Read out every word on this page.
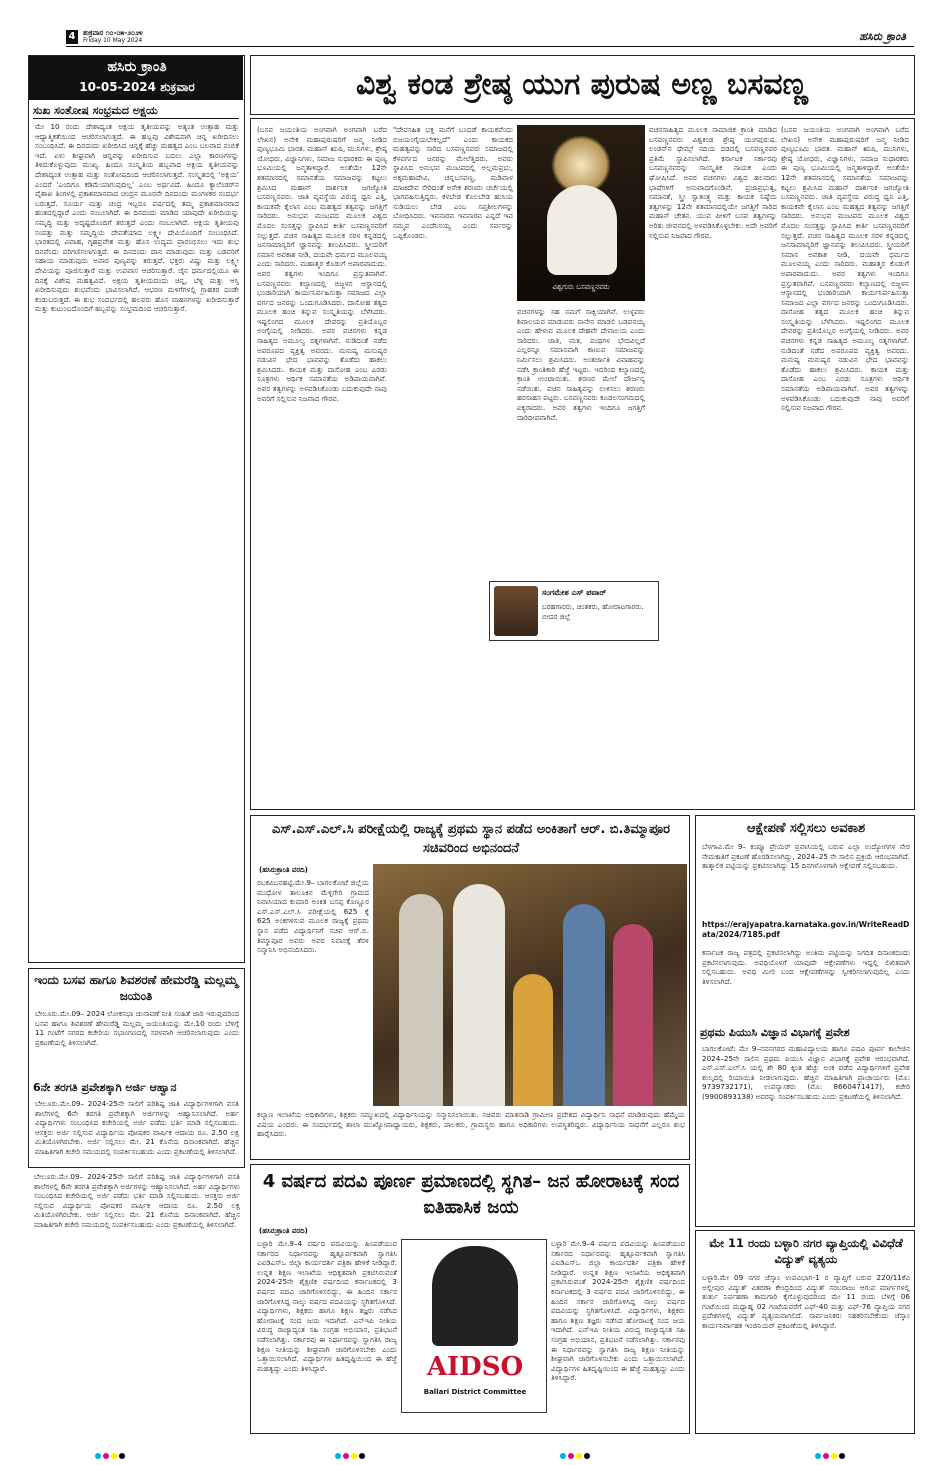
4	ಶುಕ್ರವಾರ ೧೦-೦೫-೨೦೨೪
Friday 10 May 2024	ಹಸಿರು ಕ್ರಾಂತಿ
ಹಸಿರು ಕ್ರಾಂತಿ
10-05-2024 ಶುಕ್ರವಾರ
ಸುಖ ಸಂತೋಷ ಸಂಭ್ರಮದ ಅಕ್ಷಯ
ಮೇ 10 ರಂದು ದೇಶಾದ್ಯಂತ ಅಕ್ಷಯ ತೃತೀಯವನ್ನು ಅತ್ಯಂತ ಉತ್ಸಾಹ ಮತ್ತು ಆಧ್ಯಾತ್ಮಿಕತೆಯಿಂದ ಆಚರಿಸಲಾಗುತ್ತದೆ. ಈ ಹಬ್ಬವು ವಿಶೇಷವಾಗಿ ಚಿನ್ನ ಖರೀದಿಸಲು ಸಂಬಂಧಿಸಿದೆ. ಈ ದಿನದಂದು ಖರೀದಿಸಿದ ಚಿನ್ನಕ್ಕೆ ಹೆಚ್ಚು ಮಹತ್ವದ ಎಂಬ ಬಲವಾದ ನಂಬಿಕೆ ಇದೆ. ಏಳು ಶೀಘ್ರವಾಗಿ ಚಿನ್ನವನ್ನು ಖರೀದಿಸುವ ಬದಲು ಎಲ್ಲಾ ಕಾರಣಗಳನ್ನು ತಿಳಿದುಕೊಳ್ಳುವುದು ಮುಖ್ಯ. ಹಿಂದೂ ಸಂಸ್ಕೃತಿಯ ಹಬ್ಬವಾದ ಅಕ್ಷಯ ತೃತೀಯವನ್ನು ದೇಶಾದ್ಯಂತ ಉತ್ಸಾಹ ಮತ್ತು ಸಂತೋಷದಿಂದ ಆಚರಿಸಲಾಗುತ್ತದೆ. ಸಂಸ್ಕೃತದಲ್ಲಿ 'ಅಕ್ಷಯ' ಎಂದರೆ 'ಎಂದಿಗೂ ಕಡಿಮೆಯಾಗುವುದಿಲ್ಲ' ಎಂಬ ಅರ್ಥವಿದೆ. ಹಿಂದೂ ಕ್ಯಾಲೆಂಡರ್‌ನ ವೈಶಾಖ ತಿಂಗಳಲ್ಲಿ ಪ್ರಕಾಶಮಾನವಾದ ಚಂದ್ರನ ಮೂರನೇ ದಿನದಂದು ಮಂಗಳಕರ ಸಂದರ್ಭ ಬರುತ್ತದೆ. ಸೂರ್ಯ ಮತ್ತು ಚಂದ್ರ ಇಬ್ಬರೂ ವರ್ಷದಲ್ಲಿ ತಮ್ಮ ಪ್ರಕಾಶಮಾನವಾದ ಹಂತದಲ್ಲಿದ್ದಾರೆ ಎಂದು ನಂಬಲಾಗಿದೆ. ಈ ದಿನದಂದು ಮಾಡಿದ ಯಾವುದೇ ಖರೀದಿಯನ್ನು ಸಮೃದ್ಧಿ ಮತ್ತು ಅದೃಷ್ಟದೊಂದಿಗೆ ತರುತ್ತದೆ ಎಂದು ನಂಬಲಾಗಿದೆ. ಅಕ್ಷಯ ತೃತೀಯವು ಸಂಪತ್ತು ಮತ್ತು ಸಮೃದ್ಧಿಯ ದೇವತೆಯಾದ ಲಕ್ಷ್ಮೀ ದೇವಿಯೊಂದಿಗೆ ಸಂಬಂಧಿಸಿದೆ. ಭಾರತದಲ್ಲಿ ವಿವಾಹ, ಗೃಹಪ್ರವೇಶ ಮತ್ತು ಹೊಸ ಉದ್ಯಮ ಪ್ರಾರಂಭಿಸಲು ಇದು ಶುಭ ದಿನವೆಂದು ಪರಿಗಣಿಸಲಾಗುತ್ತದೆ. ಈ ದಿನದಂದು ದಾನ ಮಾಡುವುದು ಮತ್ತು ಬಡವರಿಗೆ ಸಹಾಯ ಮಾಡುವುದು ಅಪಾರ ಪುಣ್ಯವನ್ನು ತರುತ್ತದೆ. ಭಕ್ತರು ವಿಷ್ಣು ಮತ್ತು ಲಕ್ಷ್ಮೀ ದೇವಿಯನ್ನು ಪೂಜಿಸುತ್ತಾರೆ ಮತ್ತು ಉಪವಾಸ ಆಚರಿಸುತ್ತಾರೆ. ಜೈನ ಧರ್ಮದಲ್ಲಿಯೂ ಈ ದಿನಕ್ಕೆ ವಿಶೇಷ ಮಹತ್ವವಿದೆ. ಅಕ್ಷಯ ತೃತೀಯದಂದು ಚಿನ್ನ, ಬೆಳ್ಳಿ ಮತ್ತು ಆಸ್ತಿ ಖರೀದಿಸುವುದು ಶುಭವೆಂದು ಭಾವಿಸಲಾಗಿದೆ. ಆಭರಣ ಮಳಿಗೆಗಳಲ್ಲಿ ಗ್ರಾಹಕರ ದಂಡೇ ಕಂಡುಬರುತ್ತದೆ. ಈ ಶುಭ ಸಂದರ್ಭದಲ್ಲಿ ಹಲವರು ಹೊಸ ವಾಹನಗಳನ್ನು ಖರೀದಿಸುತ್ತಾರೆ ಮತ್ತು ಕುಟುಂಬದೊಂದಿಗೆ ಹಬ್ಬವನ್ನು ಸಂಭ್ರಮದಿಂದ ಆಚರಿಸುತ್ತಾರೆ.
ಇಂದು ಬಸವ ಹಾಗೂ ಶಿವಶರಣೆ ಹೇಮರೆಡ್ಡಿ ಮಲ್ಲಮ್ಮ ಜಯಂತಿ
ಬೇಲೂರು.ಮೇ.09– 2024 ಲೋಕಸಭಾ ಚುನಾವಣೆ ನೀತಿ ಸಂಹಿತೆ ಜಾರಿ ಇರುವುದರಿಂದ ಬಸವ ಹಾಗೂ ಶಿವಶರಣೆ ಹೇಮರೆಡ್ಡಿ ಮಲ್ಲಮ್ಮ ಜಯಂತಿಯನ್ನು ಮೇ.10 ರಂದು ಬೆಳಿಗ್ಗೆ 11 ಗಂಟೆಗೆ ನಗರದ ಕಚೇರಿಯ ಸಭಾಂಗಣದಲ್ಲಿ ಸರಳವಾಗಿ ಆಚರಿಸಲಾಗುವುದು ಎಂದು ಪ್ರಕಟಣೆಯಲ್ಲಿ ತಿಳಿಸಲಾಗಿದೆ.
6ನೇ ತರಗತಿ ಪ್ರವೇಶಕ್ಕಾಗಿ ಅರ್ಜಿ ಆಹ್ವಾನ
ಬೇಲೂರು.ಮೇ.09– 2024-25ನೇ ಸಾಲಿಗೆ ಪರಿಶಿಷ್ಟ ಜಾತಿ ವಿದ್ಯಾರ್ಥಿಗಳಿಗಾಗಿ ವಸತಿ ಶಾಲೆಗಳಲ್ಲಿ 6ನೇ ತರಗತಿ ಪ್ರವೇಶಕ್ಕಾಗಿ ಅರ್ಜಿಗಳನ್ನು ಆಹ್ವಾನಿಸಲಾಗಿದೆ. ಅರ್ಹ ವಿದ್ಯಾರ್ಥಿಗಳು ಸಂಬಂಧಿಸಿದ ಕಚೇರಿಯಲ್ಲಿ ಅರ್ಜಿ ಪಡೆದು ಭರ್ತಿ ಮಾಡಿ ಸಲ್ಲಿಸಬಹುದು. ಆಸಕ್ತರು ಅರ್ಜಿ ಸಲ್ಲಿಸುವ ವಿದ್ಯಾರ್ಥಿಯ ಪೋಷಕರ ವಾರ್ಷಿಕ ಆದಾಯ ರೂ. 2.50 ಲಕ್ಷ ಮಿತಿಯೊಳಗಿರಬೇಕು. ಅರ್ಜಿ ಸಲ್ಲಿಸಲು ಮೇ. 21 ಕೊನೆಯ ದಿನಾಂಕವಾಗಿದೆ. ಹೆಚ್ಚಿನ ಮಾಹಿತಿಗಾಗಿ ಕಚೇರಿ ಸಮಯದಲ್ಲಿ ಸಂಪರ್ಕಿಸಬಹುದು ಎಂದು ಪ್ರಕಟಣೆಯಲ್ಲಿ ತಿಳಿಸಲಾಗಿದೆ.
ಬೇಲೂರು.ಮೇ.09– 2024-25ನೇ ಸಾಲಿಗೆ ಪರಿಶಿಷ್ಟ ಜಾತಿ ವಿದ್ಯಾರ್ಥಿಗಳಿಗಾಗಿ ವಸತಿ ಶಾಲೆಗಳಲ್ಲಿ 6ನೇ ತರಗತಿ ಪ್ರವೇಶಕ್ಕಾಗಿ ಅರ್ಜಿಗಳನ್ನು ಆಹ್ವಾನಿಸಲಾಗಿದೆ. ಅರ್ಹ ವಿದ್ಯಾರ್ಥಿಗಳು ಸಂಬಂಧಿಸಿದ ಕಚೇರಿಯಲ್ಲಿ ಅರ್ಜಿ ಪಡೆದು ಭರ್ತಿ ಮಾಡಿ ಸಲ್ಲಿಸಬಹುದು. ಆಸಕ್ತರು ಅರ್ಜಿ ಸಲ್ಲಿಸುವ ವಿದ್ಯಾರ್ಥಿಯ ಪೋಷಕರ ವಾರ್ಷಿಕ ಆದಾಯ ರೂ. 2.50 ಲಕ್ಷ ಮಿತಿಯೊಳಗಿರಬೇಕು. ಅರ್ಜಿ ಸಲ್ಲಿಸಲು ಮೇ. 21 ಕೊನೆಯ ದಿನಾಂಕವಾಗಿದೆ. ಹೆಚ್ಚಿನ ಮಾಹಿತಿಗಾಗಿ ಕಚೇರಿ ಸಮಯದಲ್ಲಿ ಸಂಪರ್ಕಿಸಬಹುದು ಎಂದು ಪ್ರಕಟಣೆಯಲ್ಲಿ ತಿಳಿಸಲಾಗಿದೆ.
ವಿಶ್ವ ಕಂಡ ಶ್ರೇಷ್ಠ ಯುಗ ಪುರುಷ ಅಣ್ಣ ಬಸವಣ್ಣ
(ಬಸವ ಜಯಂತಿಯ ಅಂಗವಾಗಿ ಅಂಗವಾಗಿ ಬರೆದ ಲೇಖನ) ಅನೇಕ ಮಹಾಪುರುಷರಿಗೆ ಜನ್ಮ ನೀಡಿದ ಪುಣ್ಯಭೂಮಿ ಭಾರತ. ಮಹಾನ್ ಋಷಿ, ಮುನಿಗಳು, ಶ್ರೇಷ್ಠ ಯೋಧರು, ವಿಜ್ಞಾನಿಗಳು, ಸಮಾಜ ಸುಧಾರಕರು ಈ ಪುಣ್ಯ ಭೂಮಿಯಲ್ಲಿ ಜನ್ಮತಾಳಿದ್ದಾರೆ. ಅಂತೆಯೇ 12ನೇ ಶತಮಾನದಲ್ಲಿ ಸಮಾನತೆಯ ಸಮಾಜವನ್ನು ಕಟ್ಟಲು ಶ್ರಮಿಸಿದ ಮಹಾನ್ ದಾರ್ಶನಿಕ ಜಗಜ್ಯೋತಿ ಬಸವಣ್ಣನವರು. ಜಾತಿ ವ್ಯವಸ್ಥೆಯ ವಿರುದ್ಧ ಧ್ವನಿ ಎತ್ತಿ, ಕಾಯಕವೇ ಕೈಲಾಸ ಎಂಬ ಮಹತ್ವದ ತತ್ವವನ್ನು ಜಗತ್ತಿಗೆ ಸಾರಿದರು. ಅನುಭವ ಮಂಟಪದ ಮೂಲಕ ವಿಶ್ವದ ಮೊದಲ ಸಂಸತ್ತನ್ನು ಸ್ಥಾಪಿಸಿದ ಕೀರ್ತಿ ಬಸವಣ್ಣನವರಿಗೆ ಸಲ್ಲುತ್ತದೆ. ವಚನ ಸಾಹಿತ್ಯದ ಮೂಲಕ ಸರಳ ಕನ್ನಡದಲ್ಲಿ ಜನಸಾಮಾನ್ಯರಿಗೆ ಜ್ಞಾನವನ್ನು ತಲುಪಿಸಿದರು. ಸ್ತ್ರೀಯರಿಗೆ ಸಮಾನ ಅವಕಾಶ ನೀಡಿ, ದಯವೇ ಧರ್ಮದ ಮೂಲವಯ್ಯ ಎಂದು ಸಾರಿದರು. ಮಹಾತ್ಮರ ಕೊಡುಗೆ ಅಪಾರವಾದುದು. ಅವರ ತತ್ವಗಳು ಇಂದಿಗೂ ಪ್ರಸ್ತುತವಾಗಿವೆ. ಬಸವಣ್ಣನವರು ಕಲ್ಯಾಣದಲ್ಲಿ ಬಿಜ್ಜಳನ ಆಸ್ಥಾನದಲ್ಲಿ ಭಂಡಾರಿಯಾಗಿ ಕಾರ್ಯನಿರ್ವಹಿಸುತ್ತಾ ಸಮಾಜದ ಎಲ್ಲಾ ವರ್ಗದ ಜನರನ್ನು ಒಂದುಗೂಡಿಸಿದರು. ದಾಸೋಹ ತತ್ವದ ಮೂಲಕ ಹಂಚಿ ತಿನ್ನುವ ಸಂಸ್ಕೃತಿಯನ್ನು ಬೆಳೆಸಿದರು. ಇಷ್ಟಲಿಂಗದ ಮೂಲಕ ದೇವರನ್ನು ಪ್ರತಿಯೊಬ್ಬರ ಅಂಗೈಯಲ್ಲಿ ನೀಡಿದರು. ಅವರ ವಚನಗಳು ಕನ್ನಡ ಸಾಹಿತ್ಯದ ಅಮೂಲ್ಯ ರತ್ನಗಳಾಗಿವೆ. ನುಡಿದಂತೆ ನಡೆದ ಅಪರೂಪದ ವ್ಯಕ್ತಿತ್ವ ಅವರದು. ಮನುಷ್ಯ ಮನುಷ್ಯರ ನಡುವಿನ ಭೇದ ಭಾವವನ್ನು ತೊಡೆದು ಹಾಕಲು ಶ್ರಮಿಸಿದರು. ಕಾಯಕ ಮತ್ತು ದಾಸೋಹ ಎಂಬ ಎರಡು ಸೂತ್ರಗಳು ಆರ್ಥಿಕ ಸಮಾನತೆಯ ಅಡಿಪಾಯವಾಗಿವೆ. ಅವರ ತತ್ವಗಳನ್ನು ಅಳವಡಿಸಿಕೊಂಡು ಬದುಕುವುದೇ ನಾವು ಅವರಿಗೆ ಸಲ್ಲಿಸುವ ನಿಜವಾದ ಗೌರವ.
"ದೇವಸಹಿತ ಭಕ್ತ ಮನೆಗೆ ಬಂದಡೆ ಕಾಯಕವೆಂದು ಬಿಜಯಂಗೈಯಬೇಕಲ್ಲದೆ" ಎಂದು ಕಾಯಕದ ಮಹತ್ವವನ್ನು ಸಾರಿದ ಬಸವಣ್ಣನವರು ಸಮಾಜದಲ್ಲಿ ಕೆಳವರ್ಗದ ಜನರನ್ನು ಮೇಲೆತ್ತಿದರು. ಅವರು ಸ್ಥಾಪಿಸಿದ ಅನುಭವ ಮಂಟಪದಲ್ಲಿ ಅಲ್ಲಮಪ್ರಭು, ಅಕ್ಕಮಹಾದೇವಿ, ಚನ್ನಬಸವಣ್ಣ, ಮಡಿವಾಳ ಮಾಚಿದೇವ ಸೇರಿದಂತೆ ಅನೇಕ ಶರಣರು ಚರ್ಚೆಯಲ್ಲಿ ಭಾಗವಹಿಸುತ್ತಿದ್ದರು. ಕಳಬೇಡ ಕೊಲಬೇಡ ಹುಸಿಯ ನುಡಿಯಲು ಬೇಡ ಎಂಬ ಸಪ್ತಶೀಲಗಳನ್ನು ಬೋಧಿಸಿದರು. ಇವನಾರವ ಇವನಾರವ ಎನ್ನದೆ ಇವ ನಮ್ಮವ ಎಂದೆನಿಸಯ್ಯ ಎಂದು ಸರ್ವರನ್ನು ಒಪ್ಪಿಕೊಂಡರು.
ವಿಶ್ವಗುರು ಬಸವಣ್ಣನವರು
ವಚನಗಳನ್ನು ಸಹ ನಮಗೆ ಸಾಕ್ಷಿಯಾಗಿವೆ. ಉಳ್ಳವರು ಶಿವಾಲಯವ ಮಾಡುವರು ನಾನೇನ ಮಾಡಲಿ ಬಡವನಯ್ಯ ಎಂದು ಹೇಳುವ ಮೂಲಕ ದೇಹವೇ ದೇವಾಲಯ ಎಂದು ಸಾರಿದರು. ಜಾತಿ, ಮತ, ಪಂಥಗಳ ಭೇದವಿಲ್ಲದೆ ಎಲ್ಲರನ್ನೂ ಸಮಾನವಾಗಿ ಕಾಣುವ ಸಮಾಜವನ್ನು ನಿರ್ಮಿಸಲು ಶ್ರಮಿಸಿದರು. ಅಂತರ್ಜಾತಿ ವಿವಾಹವನ್ನು ನಡೆಸಿ ಕ್ರಾಂತಿಕಾರಿ ಹೆಜ್ಜೆ ಇಟ್ಟರು. ಇದರಿಂದ ಕಲ್ಯಾಣದಲ್ಲಿ ಕ್ರಾಂತಿ ಉಂಟಾಯಿತು. ಶರಣರ ಮೇಲೆ ದೌರ್ಜನ್ಯ ನಡೆಯಿತು. ವಚನ ಸಾಹಿತ್ಯವನ್ನು ಉಳಿಸಲು ಶರಣರು ಹರಸಾಹಸ ಪಟ್ಟರು. ಬಸವಣ್ಣನವರು ಕೂಡಲಸಂಗಮದಲ್ಲಿ ಐಕ್ಯರಾದರು. ಅವರ ತತ್ವಗಳು ಇಂದಿಗೂ ಜಗತ್ತಿಗೆ ದಾರಿದೀಪವಾಗಿವೆ.
ಸಂಗಮೇಶ ಎಸ್ ಪವಾರ್
ಬರಹಗಾರರು, ಚಿಂತಕರು, ಹೋರಾಟಗಾರರು. ಬೀದರ ಜಿಲ್ಲೆ
ವಚನಸಾಹಿತ್ಯದ ಮೂಲಕ ಸಾಮಾಜಿಕ ಕ್ರಾಂತಿ ಮಾಡಿದ ಬಸವಣ್ಣನವರು ವಿಶ್ವಕಂಡ ಶ್ರೇಷ್ಠ ಯುಗಪುರುಷ. ಲಂಡನ್‌ನ ಥೇಮ್ಸ್ ನದಿಯ ದಡದಲ್ಲಿ ಬಸವಣ್ಣನವರ ಪ್ರತಿಮೆ ಸ್ಥಾಪಿಸಲಾಗಿದೆ. ಕರ್ನಾಟಕ ಸರ್ಕಾರವು ಬಸವಣ್ಣನವರನ್ನು ಸಾಂಸ್ಕೃತಿಕ ನಾಯಕ ಎಂದು ಘೋಷಿಸಿದೆ. ಅವರ ವಚನಗಳು ವಿಶ್ವದ ಹಲವಾರು ಭಾಷೆಗಳಿಗೆ ಅನುವಾದಗೊಂಡಿವೆ. ಪ್ರಜಾಪ್ರಭುತ್ವ, ಸಮಾನತೆ, ಸ್ತ್ರೀ ಸ್ವಾತಂತ್ರ್ಯ ಮತ್ತು ಕಾಯಕ ನಿಷ್ಠೆಯ ತತ್ವಗಳನ್ನು 12ನೇ ಶತಮಾನದಲ್ಲಿಯೇ ಜಗತ್ತಿಗೆ ಸಾರಿದ ಮಹಾನ್ ಚೇತನ. ಯುವ ಪೀಳಿಗೆ ಬಸವ ತತ್ವಗಳನ್ನು ಅರಿತು ಜೀವನದಲ್ಲಿ ಅಳವಡಿಸಿಕೊಳ್ಳಬೇಕು. ಅದೇ ಅವರಿಗೆ ಸಲ್ಲಿಸುವ ನಿಜವಾದ ಗೌರವ.
(ಬಸವ ಜಯಂತಿಯ ಅಂಗವಾಗಿ ಅಂಗವಾಗಿ ಬರೆದ ಲೇಖನ) ಅನೇಕ ಮಹಾಪುರುಷರಿಗೆ ಜನ್ಮ ನೀಡಿದ ಪುಣ್ಯಭೂಮಿ ಭಾರತ. ಮಹಾನ್ ಋಷಿ, ಮುನಿಗಳು, ಶ್ರೇಷ್ಠ ಯೋಧರು, ವಿಜ್ಞಾನಿಗಳು, ಸಮಾಜ ಸುಧಾರಕರು ಈ ಪುಣ್ಯ ಭೂಮಿಯಲ್ಲಿ ಜನ್ಮತಾಳಿದ್ದಾರೆ. ಅಂತೆಯೇ 12ನೇ ಶತಮಾನದಲ್ಲಿ ಸಮಾನತೆಯ ಸಮಾಜವನ್ನು ಕಟ್ಟಲು ಶ್ರಮಿಸಿದ ಮಹಾನ್ ದಾರ್ಶನಿಕ ಜಗಜ್ಯೋತಿ ಬಸವಣ್ಣನವರು. ಜಾತಿ ವ್ಯವಸ್ಥೆಯ ವಿರುದ್ಧ ಧ್ವನಿ ಎತ್ತಿ, ಕಾಯಕವೇ ಕೈಲಾಸ ಎಂಬ ಮಹತ್ವದ ತತ್ವವನ್ನು ಜಗತ್ತಿಗೆ ಸಾರಿದರು. ಅನುಭವ ಮಂಟಪದ ಮೂಲಕ ವಿಶ್ವದ ಮೊದಲ ಸಂಸತ್ತನ್ನು ಸ್ಥಾಪಿಸಿದ ಕೀರ್ತಿ ಬಸವಣ್ಣನವರಿಗೆ ಸಲ್ಲುತ್ತದೆ. ವಚನ ಸಾಹಿತ್ಯದ ಮೂಲಕ ಸರಳ ಕನ್ನಡದಲ್ಲಿ ಜನಸಾಮಾನ್ಯರಿಗೆ ಜ್ಞಾನವನ್ನು ತಲುಪಿಸಿದರು. ಸ್ತ್ರೀಯರಿಗೆ ಸಮಾನ ಅವಕಾಶ ನೀಡಿ, ದಯವೇ ಧರ್ಮದ ಮೂಲವಯ್ಯ ಎಂದು ಸಾರಿದರು. ಮಹಾತ್ಮರ ಕೊಡುಗೆ ಅಪಾರವಾದುದು. ಅವರ ತತ್ವಗಳು ಇಂದಿಗೂ ಪ್ರಸ್ತುತವಾಗಿವೆ. ಬಸವಣ್ಣನವರು ಕಲ್ಯಾಣದಲ್ಲಿ ಬಿಜ್ಜಳನ ಆಸ್ಥಾನದಲ್ಲಿ ಭಂಡಾರಿಯಾಗಿ ಕಾರ್ಯನಿರ್ವಹಿಸುತ್ತಾ ಸಮಾಜದ ಎಲ್ಲಾ ವರ್ಗದ ಜನರನ್ನು ಒಂದುಗೂಡಿಸಿದರು. ದಾಸೋಹ ತತ್ವದ ಮೂಲಕ ಹಂಚಿ ತಿನ್ನುವ ಸಂಸ್ಕೃತಿಯನ್ನು ಬೆಳೆಸಿದರು. ಇಷ್ಟಲಿಂಗದ ಮೂಲಕ ದೇವರನ್ನು ಪ್ರತಿಯೊಬ್ಬರ ಅಂಗೈಯಲ್ಲಿ ನೀಡಿದರು. ಅವರ ವಚನಗಳು ಕನ್ನಡ ಸಾಹಿತ್ಯದ ಅಮೂಲ್ಯ ರತ್ನಗಳಾಗಿವೆ. ನುಡಿದಂತೆ ನಡೆದ ಅಪರೂಪದ ವ್ಯಕ್ತಿತ್ವ ಅವರದು. ಮನುಷ್ಯ ಮನುಷ್ಯರ ನಡುವಿನ ಭೇದ ಭಾವವನ್ನು ತೊಡೆದು ಹಾಕಲು ಶ್ರಮಿಸಿದರು. ಕಾಯಕ ಮತ್ತು ದಾಸೋಹ ಎಂಬ ಎರಡು ಸೂತ್ರಗಳು ಆರ್ಥಿಕ ಸಮಾನತೆಯ ಅಡಿಪಾಯವಾಗಿವೆ. ಅವರ ತತ್ವಗಳನ್ನು ಅಳವಡಿಸಿಕೊಂಡು ಬದುಕುವುದೇ ನಾವು ಅವರಿಗೆ ಸಲ್ಲಿಸುವ ನಿಜವಾದ ಗೌರವ.
ಎಸ್.ಎಸ್.ಎಲ್.ಸಿ ಪರೀಕ್ಷೆಯಲ್ಲಿ ರಾಜ್ಯಕ್ಕೆ ಪ್ರಥಮ ಸ್ಥಾನ ಪಡೆದ ಅಂಕಿತಾಗೆ ಆರ್. ಬಿ.ತಿಮ್ಮಾಪೂರ ಸಚಿವರಿಂದ ಅಭಿನಂದನೆ
(ಹಸಿರುಕ್ರಾಂತಿ ವರದಿ)
ರಬಕವಿಬನಹಟ್ಟಿ.ಮೇ.9– ಬಾಗಲಕೋಟೆ ಜಿಲ್ಲೆಯ ಮುಧೋಳ ತಾಲೂಕಿನ ಮೆಳ್ಳಿಗೇರಿ ಗ್ರಾಮದ ನಿವಾಸಿಯಾದ ಕುಮಾರಿ ಅಂಕಿತ ಬಸಪ್ಪ ಕೊಣ್ಣೂರ ಎಸ್.ಎಸ್.ಎಲ್.ಸಿ ಪರೀಕ್ಷೆಯಲ್ಲಿ 625 ಕ್ಕೆ 625 ಅಂಕಗಳಿಸುವ ಮೂಲಕ ರಾಜ್ಯಕ್ಕೆ ಪ್ರಥಮ ಸ್ಥಾನ ಪಡೆದ ವಿದ್ಯಾರ್ಥಿನಿಗೆ ಸಚಿವ ಆರ್.ಬಿ. ತಿಮ್ಮಾಪೂರ ಅವರು ಅವರ ನಿವಾಸಕ್ಕೆ ತೆರಳಿ ಸನ್ಮಾನಿಸಿ ಅಭಿನಂದಿಸಿದರು.
ಕಲ್ಯಾಣ ಇಲಾಖೆಯ ಅಧಿಕಾರಿಗಳು, ಶಿಕ್ಷಕರು ಸಮ್ಮುಖದಲ್ಲಿ ವಿದ್ಯಾರ್ಥಿನಿಯನ್ನು ಸನ್ಮಾನಿಸಲಾಯಿತು. ಸಚಿವರು ಮಾತನಾಡಿ ಗ್ರಾಮೀಣ ಪ್ರದೇಶದ ವಿದ್ಯಾರ್ಥಿನಿ ಸಾಧನೆ ಮಾಡಿರುವುದು ಹೆಮ್ಮೆಯ ವಿಷಯ ಎಂದರು. ಈ ಸಂದರ್ಭದಲ್ಲಿ ಶಾಲಾ ಮುಖ್ಯೋಪಾಧ್ಯಾಯರು, ಶಿಕ್ಷಕರು, ಪಾಲಕರು, ಗ್ರಾಮಸ್ಥರು ಹಾಗೂ ಅಧಿಕಾರಿಗಳು ಉಪಸ್ಥಿತರಿದ್ದರು. ವಿದ್ಯಾರ್ಥಿನಿಯ ಸಾಧನೆಗೆ ಎಲ್ಲರೂ ಶುಭ ಹಾರೈಸಿದರು.
4 ವರ್ಷದ ಪದವಿ ಪೂರ್ಣ ಪ್ರಮಾಣದಲ್ಲಿ ಸ್ಥಗಿತ– ಜನ ಹೋರಾಟಕ್ಕೆ ಸಂದ ಐತಿಹಾಸಿಕ ಜಯ
(ಹಸಿರುಕ್ರಾಂತಿ ವರದಿ)
AIDSO
Ballari District Committee
ಬಳ್ಳಾರಿ ಮೇ.9–4 ವರ್ಷದ ಪದವಿಯನ್ನು ಹಿಂಪಡೆಯುವ ಸರ್ಕಾರದ ನಿರ್ಧಾರವನ್ನು ಹೃತ್ಪೂರ್ವಕವಾಗಿ ಸ್ವಾಗತಿಸಿ ಎಐಡಿಎಸ್‌ಒ ಜಿಲ್ಲಾ ಕಾರ್ಯದರ್ಶಿ ಪತ್ರಿಕಾ ಹೇಳಿಕೆ ನೀಡಿದ್ದಾರೆ. ಉನ್ನತ ಶಿಕ್ಷಣ ಇಲಾಖೆಯ ಆಧಿಕೃತವಾಗಿ ಪ್ರಕಟಿಸಿರುವಂತೆ 2024-25ನೇ ಶೈಕ್ಷಣಿಕ ವರ್ಷದಿಂದ ಕರ್ನಾಟಕದಲ್ಲಿ 3 ವರ್ಷದ ಪದವಿ ಜಾರಿಗೊಳಿಸಲಿದ್ದು, ಈ ಹಿಂದಿನ ಸರ್ಕಾರ ಜಾರಿಗೊಳಿಸಿದ್ದ ನಾಲ್ಕು ವರ್ಷದ ಪದವಿಯನ್ನು ಸ್ಥಗಿತಗೊಳಿಸಿದೆ. ವಿದ್ಯಾರ್ಥಿಗಳು, ಶಿಕ್ಷಕರು ಹಾಗೂ ಶಿಕ್ಷಣ ತಜ್ಞರು ನಡೆಸಿದ ಹೋರಾಟಕ್ಕೆ ಸಂದ ಜಯ ಇದಾಗಿದೆ. ಎನ್‌ಇಪಿ ನೀತಿಯ ವಿರುದ್ಧ ರಾಜ್ಯಾದ್ಯಂತ ಸಹಿ ಸಂಗ್ರಹ ಅಭಿಯಾನ, ಪ್ರತಿಭಟನೆ ನಡೆಸಲಾಗಿತ್ತು. ಸರ್ಕಾರವು ಈ ನಿರ್ಧಾರವನ್ನು ಸ್ವಾಗತಿಸಿ ರಾಜ್ಯ ಶಿಕ್ಷಣ ನೀತಿಯನ್ನು ಶೀಘ್ರವಾಗಿ ಜಾರಿಗೊಳಿಸಬೇಕು ಎಂದು ಒತ್ತಾಯಿಸಲಾಗಿದೆ. ವಿದ್ಯಾರ್ಥಿಗಳ ಹಿತದೃಷ್ಟಿಯಿಂದ ಈ ಹೆಜ್ಜೆ ಮಹತ್ವದ್ದು ಎಂದು ತಿಳಿಸಿದ್ದಾರೆ.
ಬಳ್ಳಾರಿ ಮೇ.9–4 ವರ್ಷದ ಪದವಿಯನ್ನು ಹಿಂಪಡೆಯುವ ಸರ್ಕಾರದ ನಿರ್ಧಾರವನ್ನು ಹೃತ್ಪೂರ್ವಕವಾಗಿ ಸ್ವಾಗತಿಸಿ ಎಐಡಿಎಸ್‌ಒ ಜಿಲ್ಲಾ ಕಾರ್ಯದರ್ಶಿ ಪತ್ರಿಕಾ ಹೇಳಿಕೆ ನೀಡಿದ್ದಾರೆ. ಉನ್ನತ ಶಿಕ್ಷಣ ಇಲಾಖೆಯ ಆಧಿಕೃತವಾಗಿ ಪ್ರಕಟಿಸಿರುವಂತೆ 2024-25ನೇ ಶೈಕ್ಷಣಿಕ ವರ್ಷದಿಂದ ಕರ್ನಾಟಕದಲ್ಲಿ 3 ವರ್ಷದ ಪದವಿ ಜಾರಿಗೊಳಿಸಲಿದ್ದು, ಈ ಹಿಂದಿನ ಸರ್ಕಾರ ಜಾರಿಗೊಳಿಸಿದ್ದ ನಾಲ್ಕು ವರ್ಷದ ಪದವಿಯನ್ನು ಸ್ಥಗಿತಗೊಳಿಸಿದೆ. ವಿದ್ಯಾರ್ಥಿಗಳು, ಶಿಕ್ಷಕರು ಹಾಗೂ ಶಿಕ್ಷಣ ತಜ್ಞರು ನಡೆಸಿದ ಹೋರಾಟಕ್ಕೆ ಸಂದ ಜಯ ಇದಾಗಿದೆ. ಎನ್‌ಇಪಿ ನೀತಿಯ ವಿರುದ್ಧ ರಾಜ್ಯಾದ್ಯಂತ ಸಹಿ ಸಂಗ್ರಹ ಅಭಿಯಾನ, ಪ್ರತಿಭಟನೆ ನಡೆಸಲಾಗಿತ್ತು. ಸರ್ಕಾರವು ಈ ನಿರ್ಧಾರವನ್ನು ಸ್ವಾಗತಿಸಿ ರಾಜ್ಯ ಶಿಕ್ಷಣ ನೀತಿಯನ್ನು ಶೀಘ್ರವಾಗಿ ಜಾರಿಗೊಳಿಸಬೇಕು ಎಂದು ಒತ್ತಾಯಿಸಲಾಗಿದೆ. ವಿದ್ಯಾರ್ಥಿಗಳ ಹಿತದೃಷ್ಟಿಯಿಂದ ಈ ಹೆಜ್ಜೆ ಮಹತ್ವದ್ದು ಎಂದು ತಿಳಿಸಿದ್ದಾರೆ.
ಆಕ್ಷೇಪಣೆ ಸಲ್ಲಿಸಲು ಅವಕಾಶ
ಬೆಳಗಾವಿ.ಮೇ 9– ಕಂಪ್ಯೂ ಪ್ರೇಯರ್ ಪ್ರವಾಸಿಯಲ್ಲಿ ಬರುವ ಎಲ್ಲಾ ಉದ್ಯೋಗಗಳ ನೇರ ನೇಮಕಾತಿಗೆ ಪ್ರಕಟಣೆ ಹೊರಡಿಸಲಾಗಿದ್ದು, 2024–25 ನೇ ಸಾಲಿನ ಪ್ರಕ್ರಿಯೆ ಆರಂಭವಾಗಿದೆ. ತಾತ್ಕಾಲಿಕ ಪಟ್ಟಿಯನ್ನು ಪ್ರಕಟಿಸಲಾಗಿದ್ದು 15 ದಿನಗಳೊಳಗಾಗಿ ಆಕ್ಷೇಪಣೆ ಸಲ್ಲಿಸಬಹುದು.
https://erajyapatra.karnataka.gov.in/WriteReadData/2024/7185.pdf
ಕರ್ನಾಟಕ ರಾಜ್ಯ ಪತ್ರದಲ್ಲಿ ಪ್ರಕಟಿಸಲಾಗಿದ್ದು ಅಂತಿಮ ಪಟ್ಟಿಯನ್ನು ನಿಗದಿತ ದಿನಾಂಕದಂದು ಪ್ರಕಟಿಸಲಾಗುವುದು. ಅವಧಿಯೊಳಗೆ ಯಾವುದೇ ಆಕ್ಷೇಪಣೆಗಳು ಇದ್ದಲ್ಲಿ ಲಿಖಿತವಾಗಿ ಸಲ್ಲಿಸಬಹುದು. ಅವಧಿ ಮೀರಿ ಬಂದ ಆಕ್ಷೇಪಣೆಗಳನ್ನು ಸ್ವೀಕರಿಸಲಾಗುವುದಿಲ್ಲ ಎಂದು ತಿಳಿಸಲಾಗಿದೆ.
ಪ್ರಥಮ ಪಿಯುಸಿ ವಿಜ್ಞಾನ ವಿಭಾಗಕ್ಕೆ ಪ್ರವೇಶ
ಬಾಗಲಕೋಟೆ: ಮೇ 9–ನವನಗರದ ಮಹಾವಿದ್ಯಾಲಯ ಹಾಗೂ ಪದವಿ ಪೂರ್ವ ಕಾಲೇಜಿನ 2024–25ನೇ ಸಾಲಿನ ಪ್ರಥಮ ಪಿಯುಸಿ ವಿಜ್ಞಾನ ವಿಭಾಗಕ್ಕೆ ಪ್ರವೇಶ ಆರಂಭವಾಗಿದೆ. ಎಸ್.ಎಸ್.ಎಲ್.ಸಿ ಯಲ್ಲಿ ಶೇ 80 ಕ್ಕಿಂತ ಹೆಚ್ಚು ಅಂಕ ಪಡೆದ ವಿದ್ಯಾರ್ಥಿಗಳಿಗೆ ಪ್ರವೇಶ ಶುಲ್ಕದಲ್ಲಿ ರಿಯಾಯಿತಿ ನೀಡಲಾಗುವುದು. ಹೆಚ್ಚಿನ ಮಾಹಿತಿಗಾಗಿ ಪ್ರಾಚಾರ್ಯರು (ಮೊ: 9739732171), ಉಪನ್ಯಾಸಕರು (ಮೊ: 8660471417), ಕಚೇರಿ (9900893138) ಅವರನ್ನು ಸಂಪರ್ಕಿಸಬಹುದು ಎಂದು ಪ್ರಕಟಣೆಯಲ್ಲಿ ತಿಳಿಸಲಾಗಿದೆ.
ಮೇ 11 ರಂದು ಬಳ್ಳಾರಿ ನಗರ ವ್ಯಾಪ್ತಿಯಲ್ಲಿ ವಿವಿಧೆಡೆ ವಿದ್ಯುತ್ ವ್ಯತ್ಯಯ
ಬಳ್ಳಾರಿ.ಮೇ 09 ನಗರ ಜೆಸ್ಕಾಂ ಉಪವಿಭಾಗ-1 ರ ವ್ಯಾಪ್ತಿಗೆ ಬರುವ 220/11ಕೆವಿ ಅಲ್ಲೀಪುರ ವಿದ್ಯುತ್ ವಿತರಣಾ ಕೇಂದ್ರದಿಂದ ವಿದ್ಯುತ್ ಸರಬರಾಜು ಆಗುವ ಮಾರ್ಗಗಳಲ್ಲಿ ತುರ್ತು ನಿರ್ವಹಣಾ ಕಾಮಗಾರಿ ಕೈಗೊಳ್ಳುವುದರಿಂದ ಮೇ 11 ರಂದು ಬೆಳಿಗ್ಗೆ 06 ಗಂಟೆಯಿಂದ ಮಧ್ಯಾಹ್ನ 02 ಗಂಟೆಯವರೆಗೆ ಎಫ್-40 ಮತ್ತು ಎಫ್-76 ವ್ಯಾಪ್ತಿಯ ನಗರ ಪ್ರದೇಶಗಳಲ್ಲಿ ವಿದ್ಯುತ್ ವ್ಯತ್ಯಯವಾಗಲಿದೆ. ಸಾರ್ವಜನಿಕರು ಸಹಕರಿಸಬೇಕೆಂದು ಜೆಸ್ಕಾಂ ಕಾರ್ಯನಿರ್ವಾಹಕ ಇಂಜಿನಿಯರ್ ಪ್ರಕಟಣೆಯಲ್ಲಿ ತಿಳಿಸಿದ್ದಾರೆ.
